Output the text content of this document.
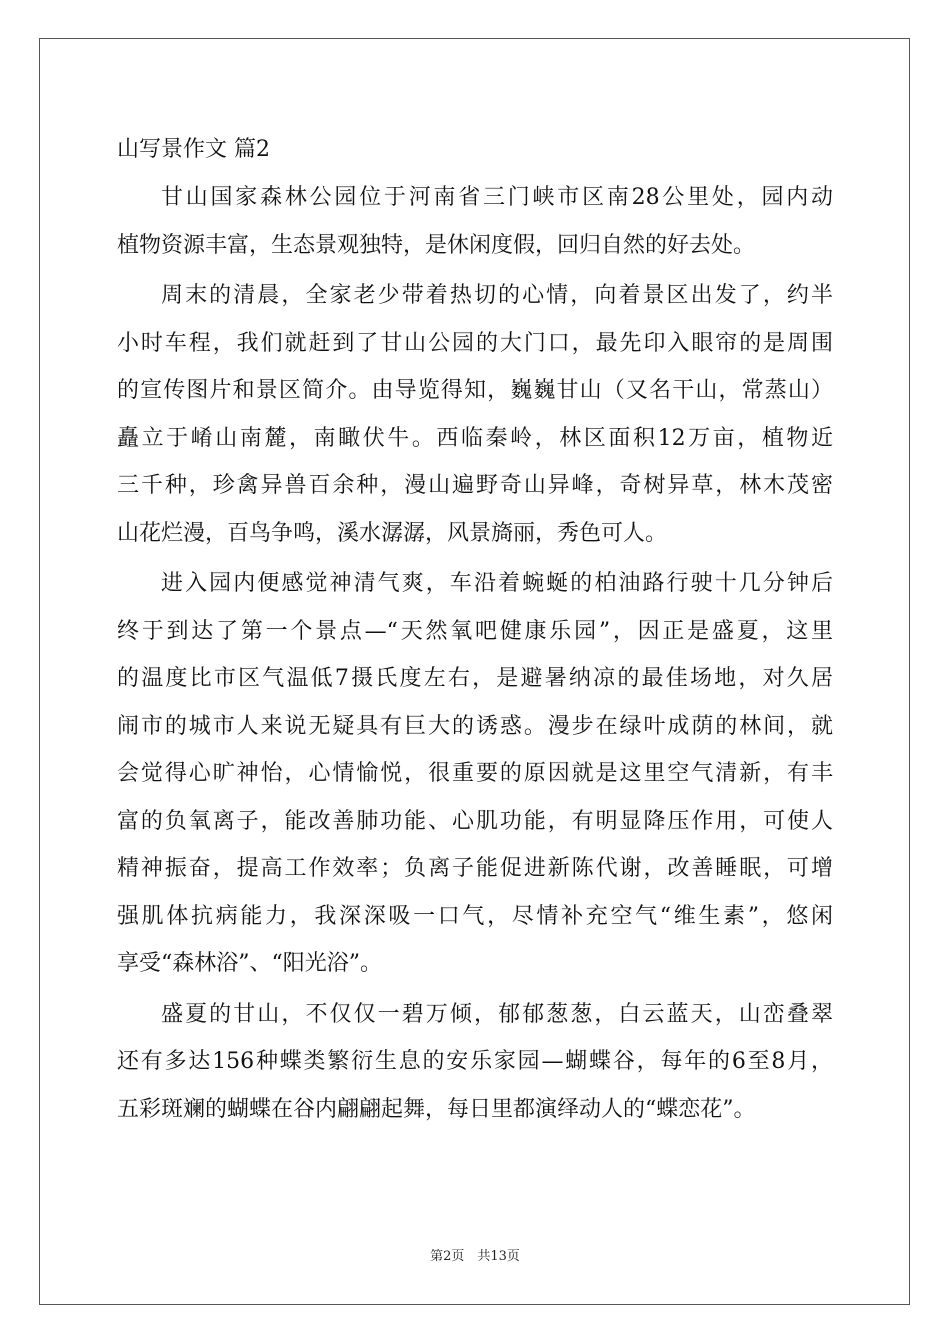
山写景作文 篇2

甘山国家森林公园位于河南省三门峡市区南28公里处，园内动
植物资源丰富，生态景观独特，是休闲度假，回归自然的好去处。

周末的清晨，全家老少带着热切的心情，向着景区出发了，约半
小时车程，我们就赶到了甘山公园的大门口，最先印入眼帘的是周围
的宣传图片和景区简介。由导览得知，巍巍甘山（又名干山，常蒸山）
矗立于崤山南麓，南瞰伏牛。西临秦岭，林区面积12万亩，植物近
三千种，珍禽异兽百余种，漫山遍野奇山异峰，奇树异草，林木茂密
山花烂漫，百鸟争鸣，溪水潺潺，风景旖丽，秀色可人。

进入园内便感觉神清气爽，车沿着蜿蜒的柏油路行驶十几分钟后
终于到达了第一个景点—“天然氧吧健康乐园”，因正是盛夏，这里
的温度比市区气温低7摄氏度左右，是避暑纳凉的最佳场地，对久居
闹市的城市人来说无疑具有巨大的诱惑。漫步在绿叶成荫的林间，就
会觉得心旷神怡，心情愉悦，很重要的原因就是这里空气清新，有丰
富的负氧离子，能改善肺功能、心肌功能，有明显降压作用，可使人
精神振奋，提高工作效率；负离子能促进新陈代谢，改善睡眠，可增
强肌体抗病能力，我深深吸一口气，尽情补充空气“维生素”，悠闲
享受“森林浴”、“阳光浴”。

盛夏的甘山，不仅仅一碧万倾，郁郁葱葱，白云蓝天，山峦叠翠
还有多达156种蝶类繁衍生息的安乐家园—蝴蝶谷，每年的6至8月，
五彩斑斓的蝴蝶在谷内翩翩起舞，每日里都演绎动人的“蝶恋花”。

第2页　共13页
